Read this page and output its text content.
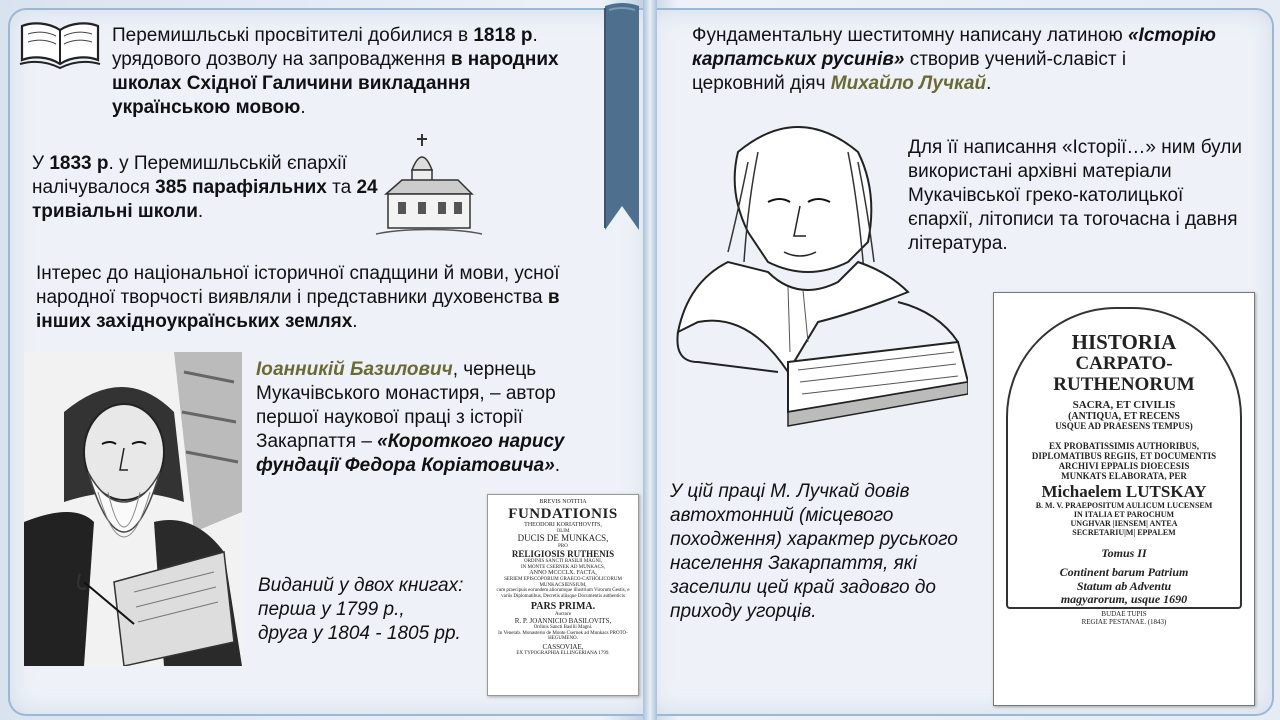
Перемишльські просвітителі добилися в 1818 р. урядового дозволу на запровадження в народних школах Східної Галичини викладання українською мовою.

У 1833 р. у Перемишльській єпархії налічувалося 385 парафіяльних та 24 тривіальні школи.

Інтерес до національної історичної спадщини й мови, усної народної творчості виявляли і представники духовенства в інших західноукраїнських землях.

Іоанникій Базилович, чернець Мукачівського монастиря, – автор першої наукової праці з історії Закарпаття – «Короткого нарису фундації Федора Коріатовича».

Виданий у двох книгах:
перша у 1799 р.,
друга у 1804 - 1805 рр.

BREVIS NOTITIA
FUNDATIONIS
THEODORI KORIATHOVITS,
OLIM
DUCIS DE MUNKACS,
PRO
RELIGIOSIS RUTHENIS
ORDINIS SANCTI BASILII MAGNI,
IN MONTE CSERNEK AD MUNKACS,
ANNO MCCCLX. FACTA,
SERIEM EPISCOPORUM GRAECO-CATHOLICORUM MUNKACSIENSIUM,
cum praecipuis eorundem aliorumque illustrium Virorum Gestis, e variis Diplomatibus, Decretis aliisque Documentis authenticis
PARS PRIMA.
Auctore
R. P. JOANNICIO BASILOVITS,
Ordinis Sancti Basilii Magni.
In Venerab. Monasterio de Monte Csernek ad Munkacs PROTO-HEGUMENO.
CASSOVIAE,
EX TYPOGRAPHIA ELLINGERIANA 1799.

Фундаментальну шеститомну написану латиною «Історію карпатських русинів» створив учений-славіст і церковний діяч Михайло Лучкай.

Для її написання «Історії…» ним були використані архівні матеріали Мукачівської греко-католицької єпархії, літописи та тогочасна і давня література.

HISTORIA
CARPATO-
RUTHENORUM
SACRA, ET CIVILIS
(ANTIQUA, ET RECENS
USQUE AD PRAESENS TEMPUS)
EX PROBATISSIMIS AUTHORIBUS,
DIPLOMATIBUS REGIIS, ET DOCUMENTIS
ARCHIVI EPPALIS DIOECESIS
MUNKATS ELABORATA, PER
Michaelem LUTSKAY
B. M. V. PRAEPOSITUM AULICUM LUCENSEM
IN ITALIA ET PAROCHUM
UNGHVAR |IENSEM| ANTEA
SECRETARIU|M| EPPALEM
Tomus II
Continent barum Patrium
Statum ab Adventu
magyarorum, usque 1690
BUDAE TUPIS
REGIAE PESTANAE. (1843)

У цій праці М. Лучкай довів автохтонний (місцевого походження) характер руського населення Закарпаття, які заселили цей край задовго до приходу угорців.
